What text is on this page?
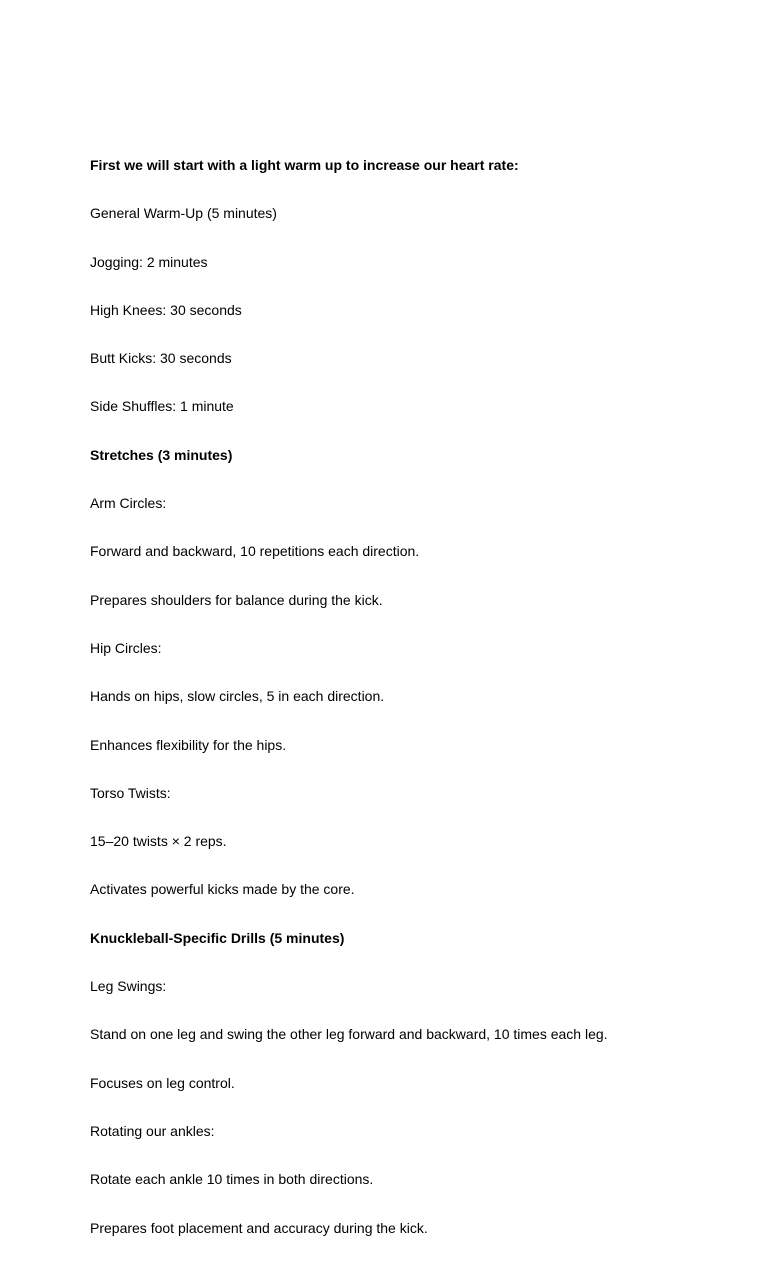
First we will start with a light warm up to increase our heart rate:

General Warm-Up (5 minutes)

Jogging: 2 minutes

High Knees: 30 seconds

Butt Kicks: 30 seconds

Side Shuffles: 1 minute

Stretches (3 minutes)

Arm Circles:

Forward and backward, 10 repetitions each direction.

Prepares shoulders for balance during the kick.

Hip Circles:

Hands on hips, slow circles, 5 in each direction.

Enhances flexibility for the hips.

Torso Twists:

15–20 twists × 2 reps.

Activates powerful kicks made by the core.

Knuckleball-Specific Drills (5 minutes)

Leg Swings:

Stand on one leg and swing the other leg forward and backward, 10 times each leg.

Focuses on leg control.

Rotating our ankles:

Rotate each ankle 10 times in both directions.

Prepares foot placement and accuracy during the kick.
